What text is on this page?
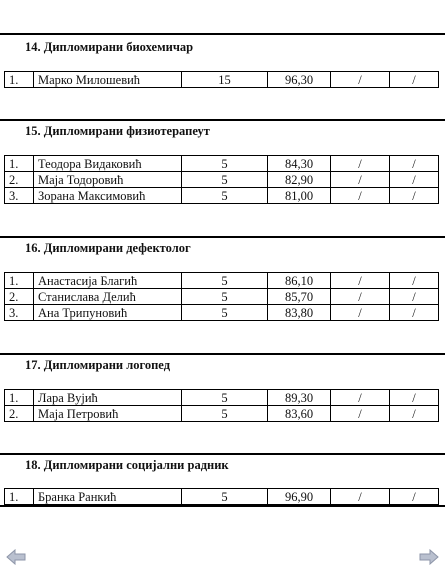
14. Дипломирани биохемичар
1.	Марко Милошевић	15	96,30	/	/
15. Дипломирани физиотерапеут
1.	Теодора Видаковић	5	84,30	/	/
2.	Маја Тодоровић	5	82,90	/	/
3.	Зорана Максимовић	5	81,00	/	/
16. Дипломирани дефектолог
1.	Анастасија Благић	5	86,10	/	/
2.	Станислава Делић	5	85,70	/	/
3.	Ана Трипуновић	5	83,80	/	/
17. Дипломирани логопед
1.	Лара Вујић	5	89,30	/	/
2.	Маја Петровић	5	83,60	/	/
18. Дипломирани социјални радник
1.	Бранка Ранкић	5	96,90	/	/
